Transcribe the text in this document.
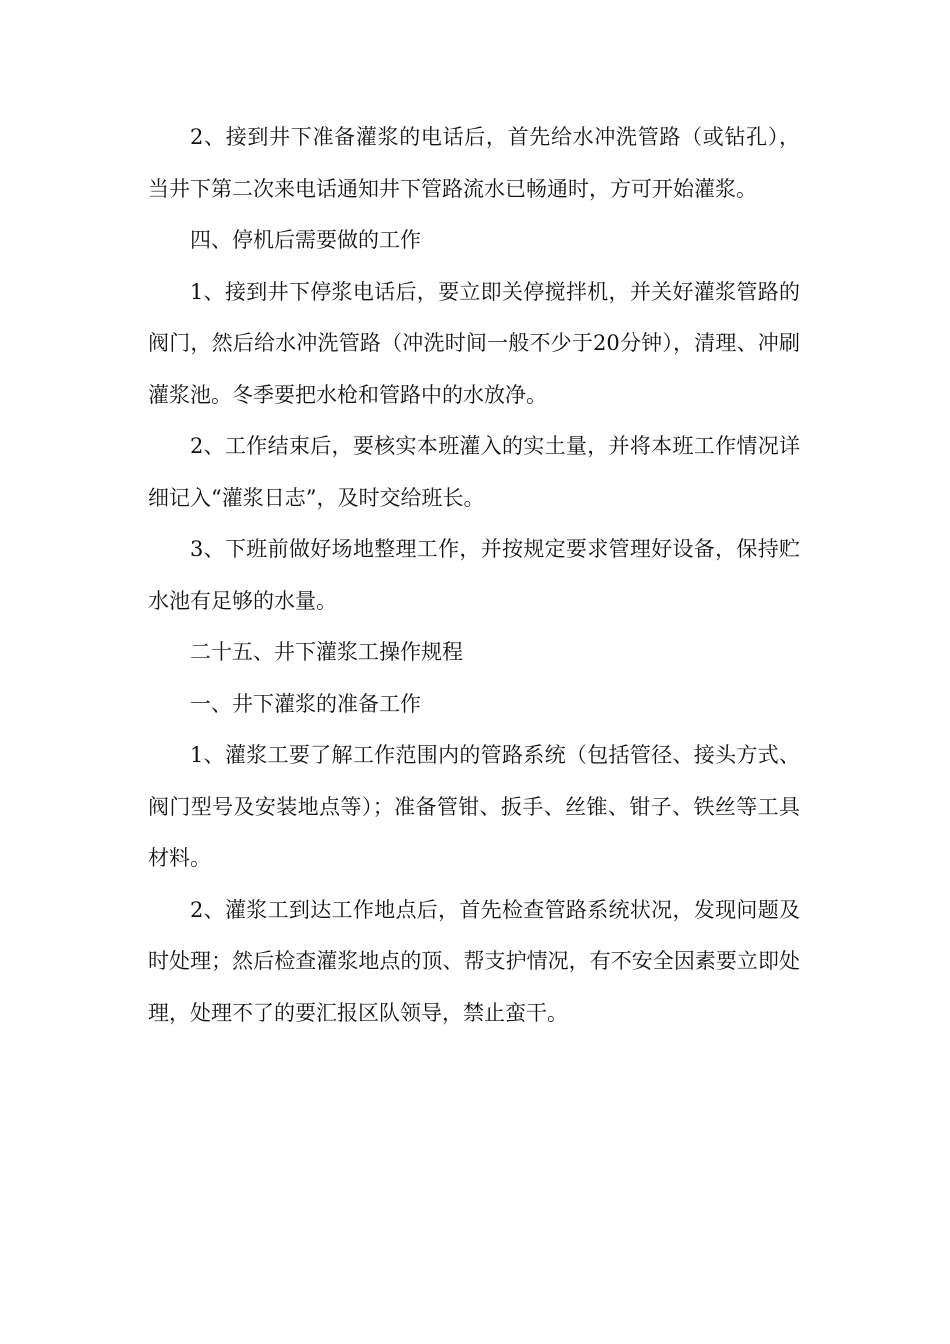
2、接到井下准备灌浆的电话后，首先给水冲洗管路（或钻孔），当井下第二次来电话通知井下管路流水已畅通时，方可开始灌浆。

四、停机后需要做的工作

1、接到井下停浆电话后，要立即关停搅拌机，并关好灌浆管路的阀门，然后给水冲洗管路（冲洗时间一般不少于20分钟），清理、冲刷灌浆池。冬季要把水枪和管路中的水放净。

2、工作结束后，要核实本班灌入的实土量，并将本班工作情况详细记入“灌浆日志”，及时交给班长。

3、下班前做好场地整理工作，并按规定要求管理好设备，保持贮水池有足够的水量。

二十五、井下灌浆工操作规程

一、井下灌浆的准备工作

1、灌浆工要了解工作范围内的管路系统（包括管径、接头方式、阀门型号及安装地点等）；准备管钳、扳手、丝锥、钳子、铁丝等工具材料。

2、灌浆工到达工作地点后，首先检查管路系统状况，发现问题及时处理；然后检查灌浆地点的顶、帮支护情况，有不安全因素要立即处理，处理不了的要汇报区队领导，禁止蛮干。
